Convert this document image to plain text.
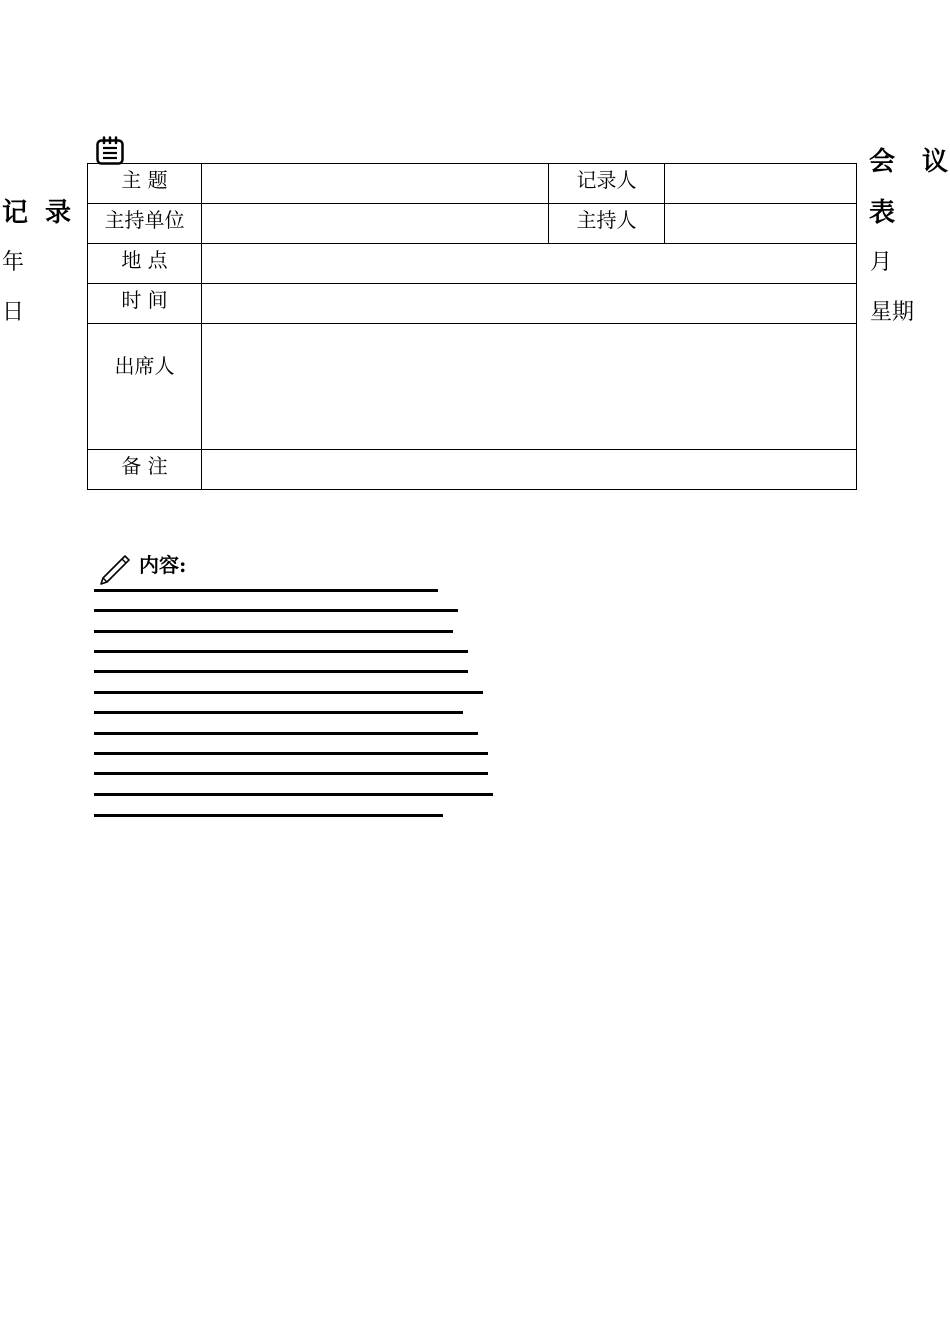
会 议
记 录	表
年	月
日	星期
主 题		记录人	
主持单位		主持人	
地 点			
时 间			
出席人			
备 注			
内容:
